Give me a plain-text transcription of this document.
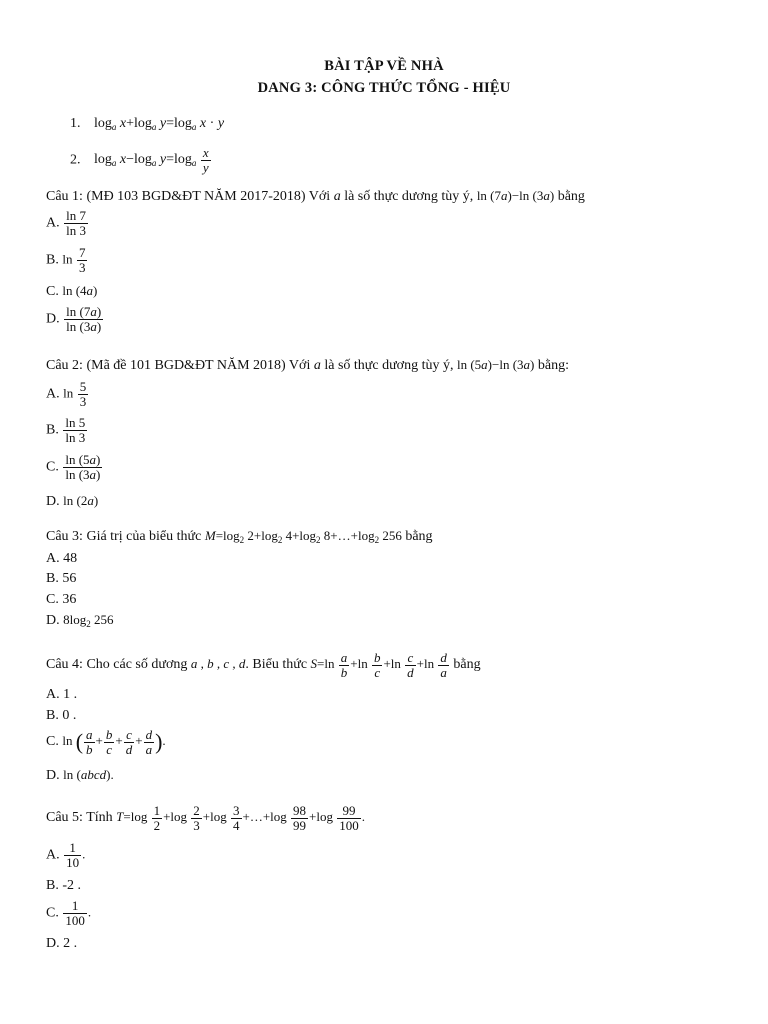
BÀI TẬP VỀ NHÀ
DANG 3: CÔNG THỨC TỔNG - HIỆU
1. $\log_a x+\log_a$ $y=\log_a$ x · y
2. $\log_a x-\log_a$ $y=\log_a \frac{x}{y}$
Câu 1: (MĐ 103 BGD&ĐT NĂM 2017-2018) Với a là số thực dương tùy ý, ln (7a)−ln (3a) bằng
A. $\frac{\ln 7}{\ln 3}$
B. $\ln \frac{7}{3}$
C. ln (4a)
D. $\frac{\ln (7a)}{\ln (3a)}$
Câu 2: (Mã đề 101 BGD&ĐT NĂM 2018) Với a là số thực dương tùy ý, ln (5a)−ln (3a) bằng:
A. $\ln \frac{5}{3}$
B. $\frac{\ln 5}{\ln 3}$
C. $\frac{\ln (5a)}{\ln (3a)}$
D. ln (2a)
Câu 3: Giá trị của biểu thức $M=\log_2$ $2+\log_2$ $4+\log_2$ $8+\dots+\log_2$ 256 bằng
A. 48
B. 56
C. 36
D. $8\log_2$ 256
Câu 4: Cho các số dương a , b , c , d. Biểu thức $S=\ln \frac{a}{b} +\ln \frac{b}{c} +\ln \frac{c}{d} +\ln \frac{d}{a}$ bằng
A. 1 .
B. 0 .
C. ln ( $\frac{a}{b} + \frac{b}{c} + \frac{c}{d} + \frac{d}{a}$ ).
D. ln (abcd).
Câu 5: Tính $T=\log \frac{1}{2} +\log \frac{2}{3} +\log \frac{3}{4}$ +…+log $\frac{98}{99} +\log \frac{99}{100}$ .
A. $\frac{1}{10}$ .
B. -2 .
C. $\frac{1}{100}$ .
D. 2 .
